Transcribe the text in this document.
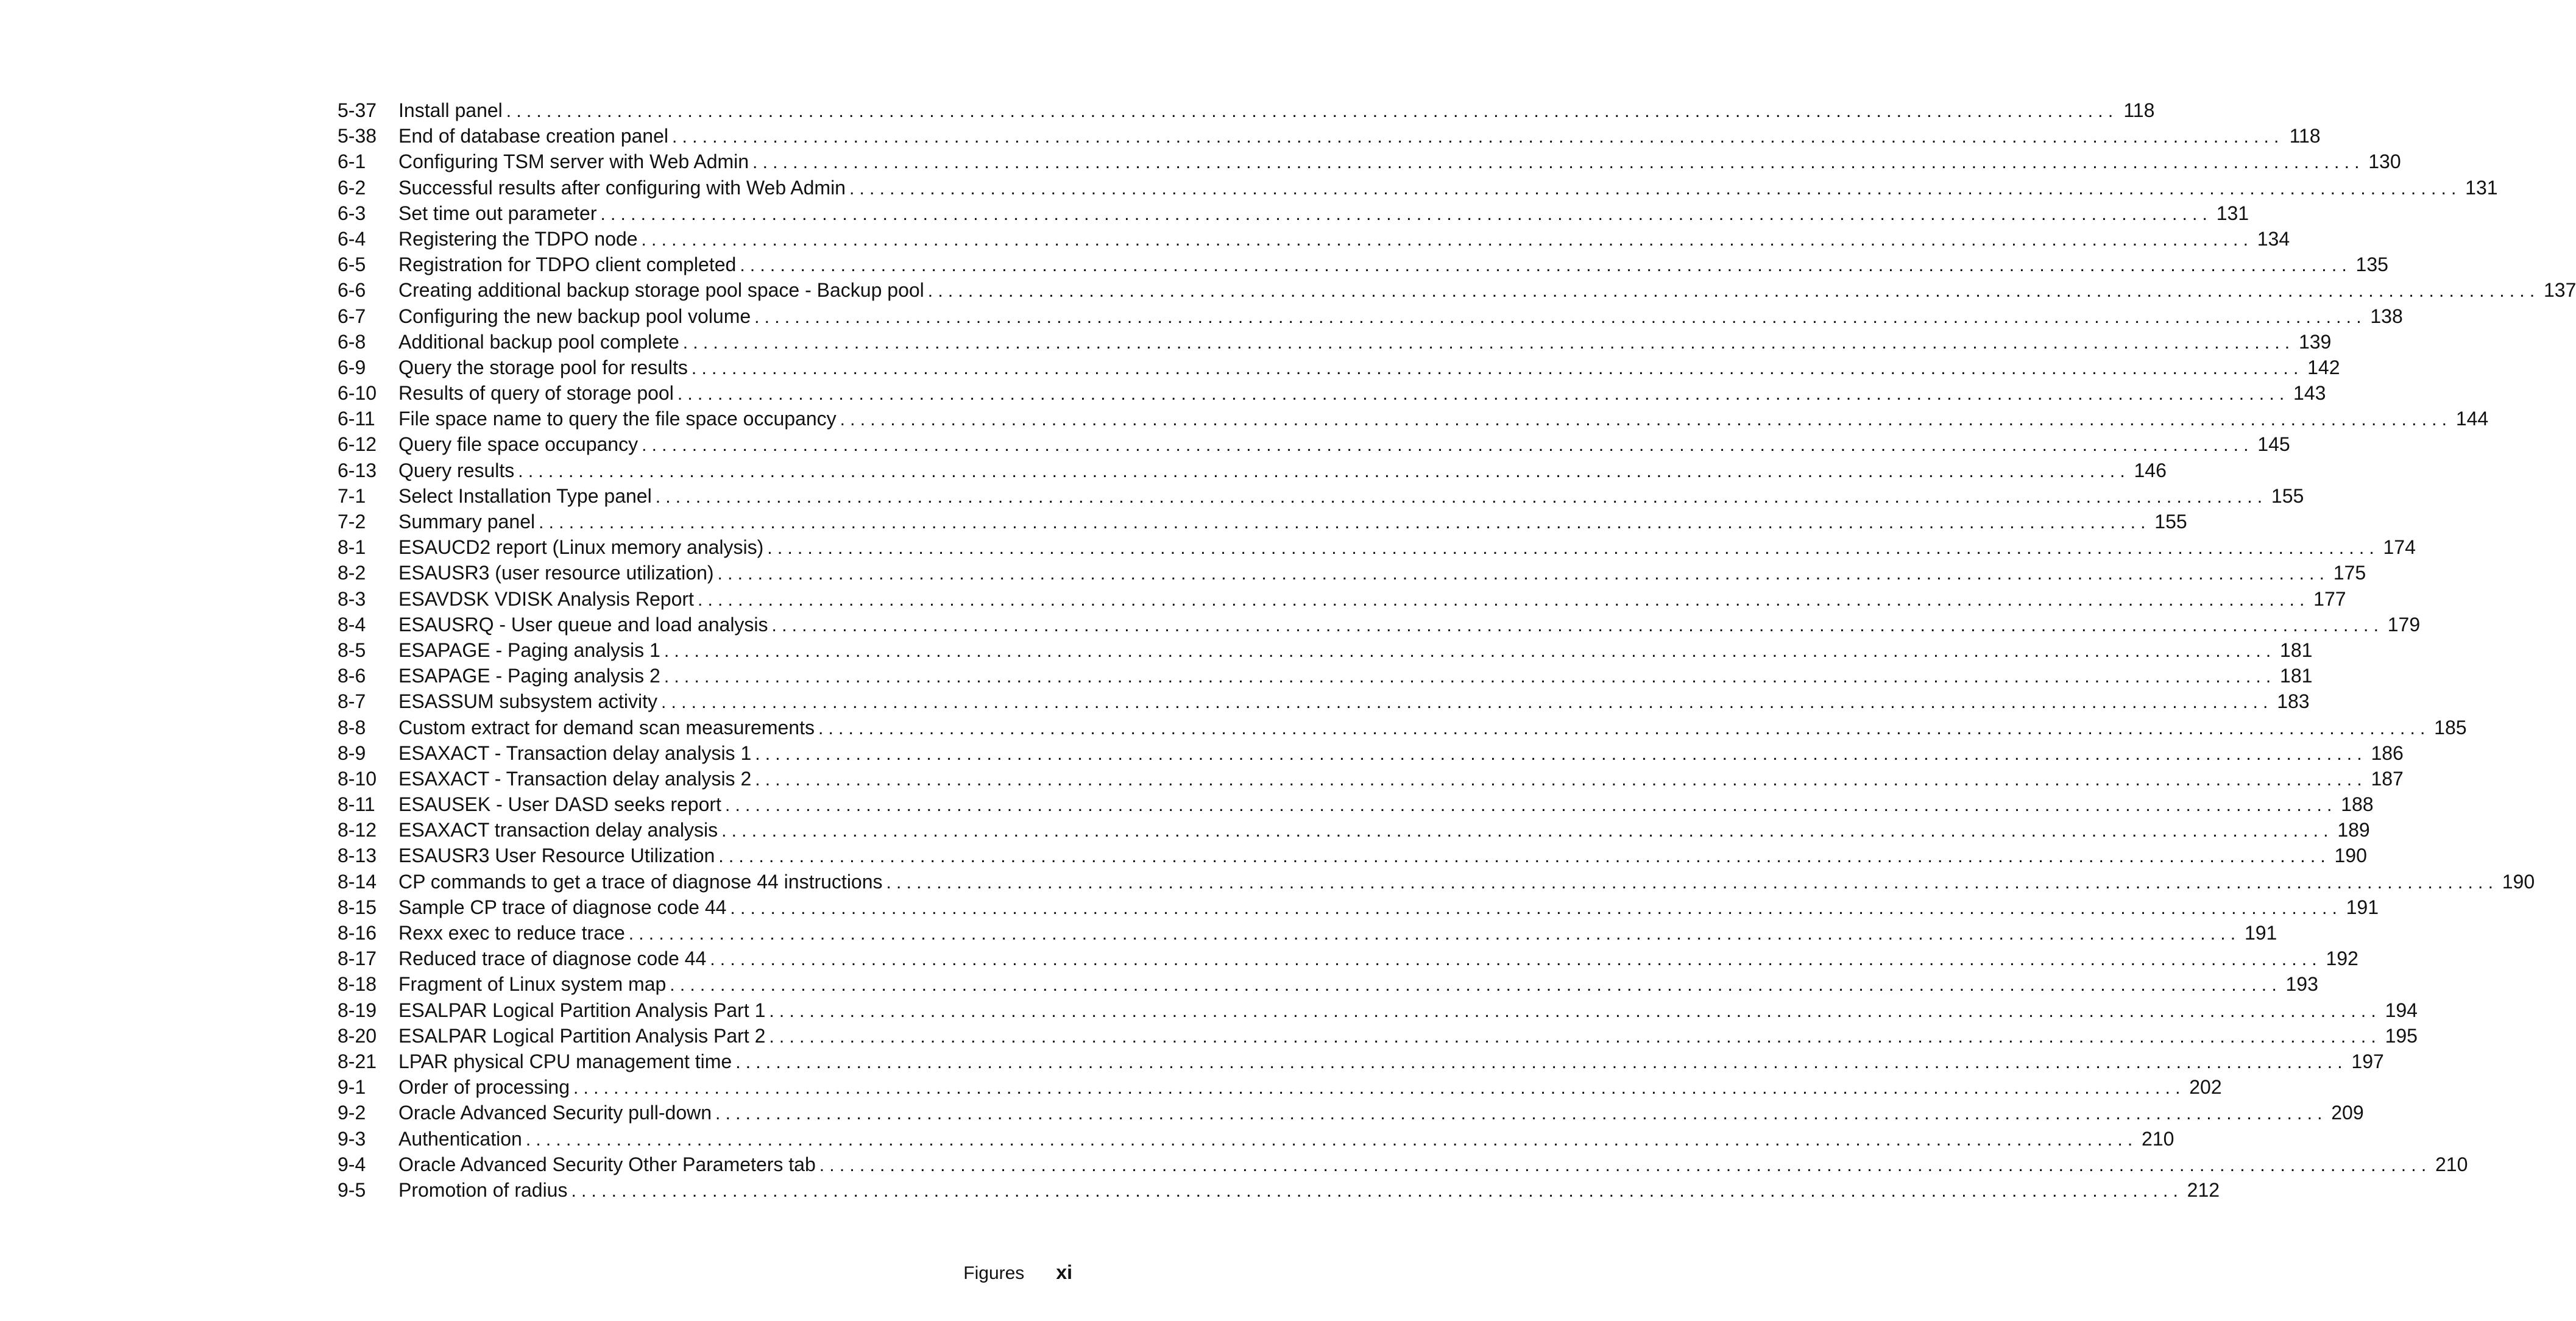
5-37	Install panel ................................................................................................................................................................ 118
5-38	End of database creation panel ................................................................................................................................................................ 118
6-1	Configuring TSM server with Web Admin ................................................................................................................................................................ 130
6-2	Successful results after configuring with Web Admin ................................................................................................................................................................ 131
6-3	Set time out parameter ................................................................................................................................................................ 131
6-4	Registering the TDPO node ................................................................................................................................................................ 134
6-5	Registration for TDPO client completed ................................................................................................................................................................ 135
6-6	Creating additional backup storage pool space - Backup pool ................................................................................................................................................................ 137
6-7	Configuring the new backup pool volume ................................................................................................................................................................ 138
6-8	Additional backup pool complete ................................................................................................................................................................ 139
6-9	Query the storage pool for results ................................................................................................................................................................ 142
6-10	Results of query of storage pool ................................................................................................................................................................ 143
6-11	File space name to query the file space occupancy ................................................................................................................................................................ 144
6-12	Query file space occupancy ................................................................................................................................................................ 145
6-13	Query results ................................................................................................................................................................ 146
7-1	Select Installation Type panel ................................................................................................................................................................ 155
7-2	Summary panel ................................................................................................................................................................ 155
8-1	ESAUCD2 report (Linux memory analysis) ................................................................................................................................................................ 174
8-2	ESAUSR3 (user resource utilization) ................................................................................................................................................................ 175
8-3	ESAVDSK VDISK Analysis Report ................................................................................................................................................................ 177
8-4	ESAUSRQ - User queue and load analysis ................................................................................................................................................................ 179
8-5	ESAPAGE - Paging analysis 1 ................................................................................................................................................................ 181
8-6	ESAPAGE - Paging analysis 2 ................................................................................................................................................................ 181
8-7	ESASSUM subsystem activity ................................................................................................................................................................ 183
8-8	Custom extract for demand scan measurements ................................................................................................................................................................ 185
8-9	ESAXACT - Transaction delay analysis 1 ................................................................................................................................................................ 186
8-10	ESAXACT - Transaction delay analysis 2 ................................................................................................................................................................ 187
8-11	ESAUSEK - User DASD seeks report ................................................................................................................................................................ 188
8-12	ESAXACT transaction delay analysis ................................................................................................................................................................ 189
8-13	ESAUSR3 User Resource Utilization ................................................................................................................................................................ 190
8-14	CP commands to get a trace of diagnose 44 instructions ................................................................................................................................................................ 190
8-15	Sample CP trace of diagnose code 44 ................................................................................................................................................................ 191
8-16	Rexx exec to reduce trace ................................................................................................................................................................ 191
8-17	Reduced trace of diagnose code 44 ................................................................................................................................................................ 192
8-18	Fragment of Linux system map ................................................................................................................................................................ 193
8-19	ESALPAR Logical Partition Analysis Part 1 ................................................................................................................................................................ 194
8-20	ESALPAR Logical Partition Analysis Part 2 ................................................................................................................................................................ 195
8-21	LPAR physical CPU management time ................................................................................................................................................................ 197
9-1	Order of processing ................................................................................................................................................................ 202
9-2	Oracle Advanced Security pull-down ................................................................................................................................................................ 209
9-3	Authentication ................................................................................................................................................................ 210
9-4	Oracle Advanced Security Other Parameters tab ................................................................................................................................................................ 210
9-5	Promotion of radius ................................................................................................................................................................ 212
Figures xi
